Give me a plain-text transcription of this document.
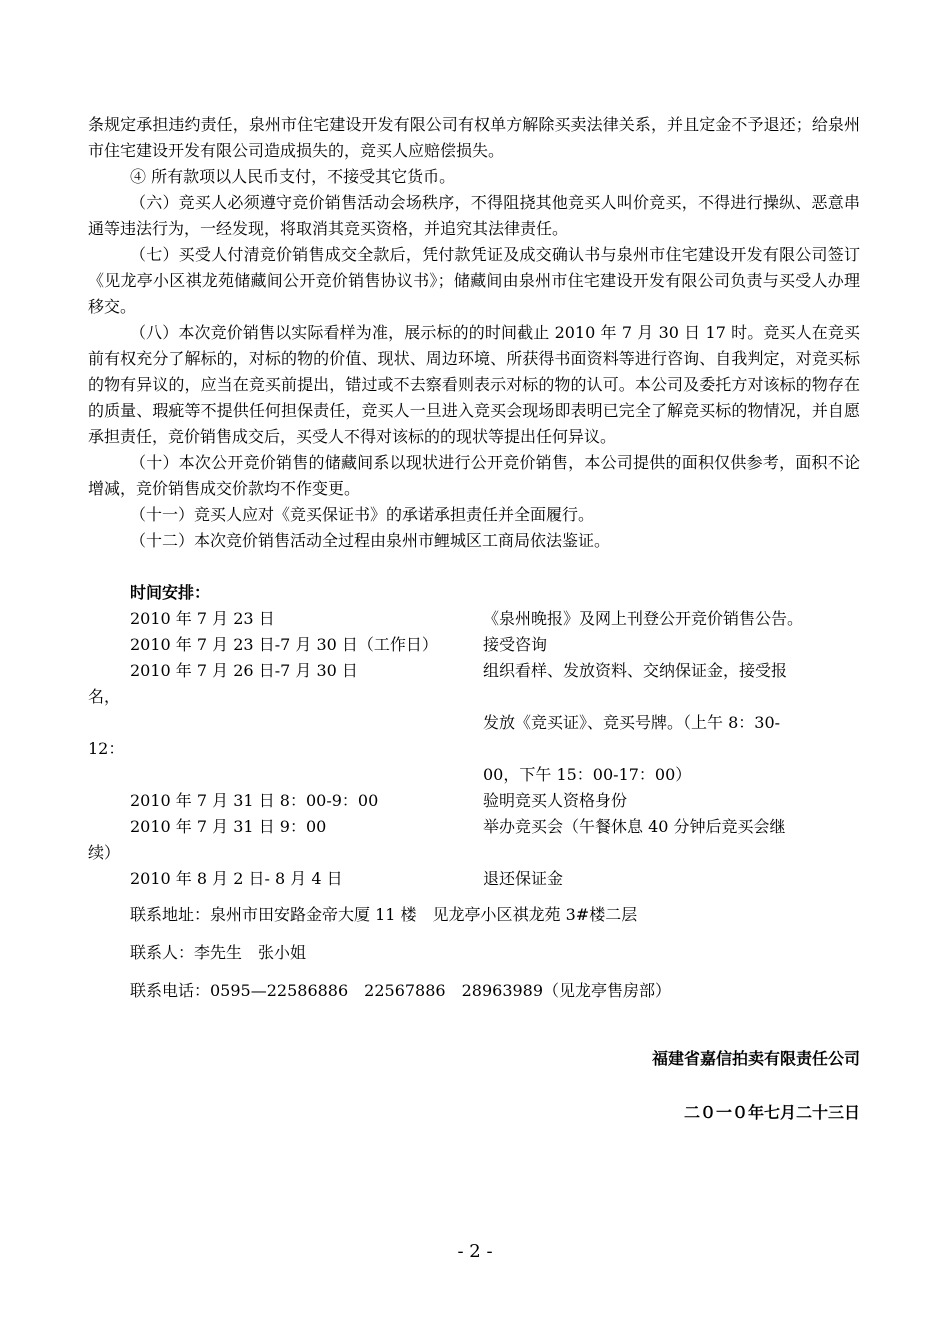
条规定承担违约责任，泉州市住宅建设开发有限公司有权单方解除买卖法律关系，并且定金不予退还；给泉州市住宅建设开发有限公司造成损失的，竞买人应赔偿损失。

④ 所有款项以人民币支付，不接受其它货币。

（六）竞买人必须遵守竞价销售活动会场秩序，不得阻挠其他竞买人叫价竞买，不得进行操纵、恶意串通等违法行为，一经发现，将取消其竞买资格，并追究其法律责任。

（七）买受人付清竞价销售成交全款后，凭付款凭证及成交确认书与泉州市住宅建设开发有限公司签订《见龙亭小区祺龙苑储藏间公开竞价销售协议书》；储藏间由泉州市住宅建设开发有限公司负责与买受人办理移交。

（八）本次竞价销售以实际看样为准，展示标的的时间截止 2010 年 7 月 30 日 17 时。竞买人在竞买前有权充分了解标的，对标的物的价值、现状、周边环境、所获得书面资料等进行咨询、自我判定，对竞买标的物有异议的，应当在竞买前提出，错过或不去察看则表示对标的物的认可。本公司及委托方对该标的物存在的质量、瑕疵等不提供任何担保责任，竞买人一旦进入竞买会现场即表明已完全了解竞买标的物情况，并自愿承担责任，竞价销售成交后，买受人不得对该标的的现状等提出任何异议。

（十）本次公开竞价销售的储藏间系以现状进行公开竞价销售，本公司提供的面积仅供参考，面积不论增减，竞价销售成交价款均不作变更。

（十一）竞买人应对《竞买保证书》的承诺承担责任并全面履行。

（十二）本次竞价销售活动全过程由泉州市鲤城区工商局依法鉴证。

时间安排：
2010 年 7 月 23 日	《泉州晚报》及网上刊登公开竞价销售公告。
2010 年 7 月 23 日-7 月 30 日（工作日）	接受咨询
2010 年 7 月 26 日-7 月 30 日	组织看样、发放资料、交纳保证金，接受报
名，
发放《竞买证》、竞买号牌。（上午 8：30-
12：
00，下午 15：00-17：00）
2010 年 7 月 31 日 8：00-9：00	验明竞买人资格身份
2010 年 7 月 31 日 9：00	举办竞买会（午餐休息 40 分钟后竞买会继
续）
2010 年 8 月 2 日- 8 月 4 日	退还保证金

联系地址：泉州市田安路金帝大厦 11 楼　见龙亭小区祺龙苑 3#楼二层

联系人：李先生　张小姐

联系电话：0595—22586886　22567886　28963989（见龙亭售房部）

福建省嘉信拍卖有限责任公司
二０一０年七月二十三日
- 2 -
